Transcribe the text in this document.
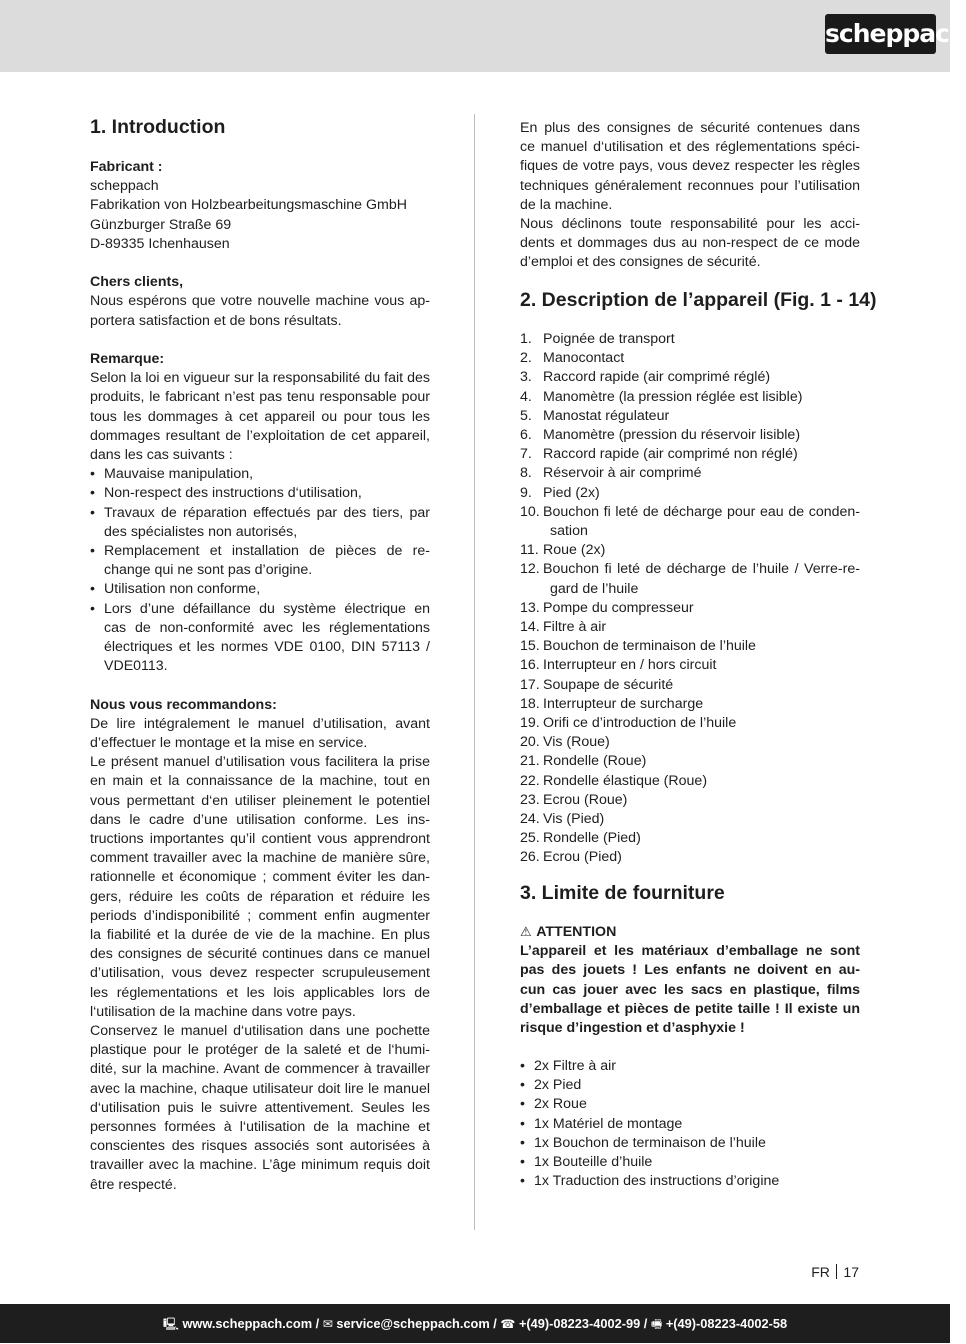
scheppach
1. Introduction
Fabricant :
scheppach
Fabrikation von Holzbearbeitungsmaschine GmbH
Günzburger Straße 69
D-89335 Ichenhausen
Chers clients,
Nous espérons que votre nouvelle machine vous ap-
portera satisfaction et de bons résultats.
Remarque:
Selon la loi en vigueur sur la responsabilité du fait des
produits, le fabricant n’est pas tenu responsable pour
tous les dommages à cet appareil ou pour tous les
dommages resultant de l’exploitation de cet appareil,
dans les cas suivants :
• Mauvaise manipulation,
• Non-respect des instructions d‘utilisation,
• Travaux de réparation effectués par des tiers, par
des spécialistes non autorisés,
• Remplacement et installation de pièces de re-
change qui ne sont pas d’origine.
• Utilisation non conforme,
• Lors d’une défaillance du système électrique en
cas de non-conformité avec les réglementations
électriques et les normes VDE 0100, DIN 57113 /
VDE0113.
Nous vous recommandons:
De lire intégralement le manuel d’utilisation, avant
d’effectuer le montage et la mise en service.
Le présent manuel d’utilisation vous facilitera la prise
en main et la connaissance de la machine, tout en
vous permettant d‘en utiliser pleinement le potentiel
dans le cadre d’une utilisation conforme. Les ins-
tructions importantes qu’il contient vous apprendront
comment travailler avec la machine de manière sûre,
rationnelle et économique ; comment éviter les dan-
gers, réduire les coûts de réparation et réduire les
periods d’indisponibilité ; comment enfin augmenter
la fiabilité et la durée de vie de la machine. En plus
des consignes de sécurité continues dans ce manuel
d’utilisation, vous devez respecter scrupuleusement
les réglementations et les lois applicables lors de
l‘utilisation de la machine dans votre pays.
Conservez le manuel d‘utilisation dans une pochette
plastique pour le protéger de la saleté et de l‘humi-
dité, sur la machine. Avant de commencer à travailler
avec la machine, chaque utilisateur doit lire le manuel
d‘utilisation puis le suivre attentivement. Seules les
personnes formées à l‘utilisation de la machine et
conscientes des risques associés sont autorisées à
travailler avec la machine. L’âge minimum requis doit
être respecté.
En plus des consignes de sécurité contenues dans
ce manuel d‘utilisation et des réglementations spéci-
fiques de votre pays, vous devez respecter les règles
techniques généralement reconnues pour l’utilisation
de la machine.
Nous déclinons toute responsabilité pour les acci-
dents et dommages dus au non-respect de ce mode
d’emploi et des consignes de sécurité.
2. Description de l’appareil (Fig. 1 - 14)
1. Poignée de transport
2. Manocontact
3. Raccord rapide (air comprimé réglé)
4. Manomètre (la pression réglée est lisible)
5. Manostat régulateur
6. Manomètre (pression du réservoir lisible)
7. Raccord rapide (air comprimé non réglé)
8. Réservoir à air comprimé
9. Pied (2x)
10. Bouchon fi leté de décharge pour eau de conden-
sation
11. Roue (2x)
12. Bouchon fi leté de décharge de l’huile / Verre-re-
gard de l’huile
13. Pompe du compresseur
14. Filtre à air
15. Bouchon de terminaison de l’huile
16. Interrupteur en / hors circuit
17. Soupape de sécurité
18. Interrupteur de surcharge
19. Orifi ce d’introduction de l’huile
20. Vis (Roue)
21. Rondelle (Roue)
22. Rondelle élastique (Roue)
23. Ecrou (Roue)
24. Vis (Pied)
25. Rondelle (Pied)
26. Ecrou (Pied)
3. Limite de fourniture
⚠ ATTENTION
L’appareil et les matériaux d’emballage ne sont
pas des jouets ! Les enfants ne doivent en au-
cun cas jouer avec les sacs en plastique, films
d’emballage et pièces de petite taille ! Il existe un
risque d’ingestion et d’asphyxie !
• 2x Filtre à air
• 2x Pied
• 2x Roue
• 1x Matériel de montage
• 1x Bouchon de terminaison de l’huile
• 1x Bouteille d’huile
• 1x Traduction des instructions d’origine
FR 17
🖳 www.scheppach.com / ✉ service@scheppach.com / ☎ +(49)-08223-4002-99 / 🖷 +(49)-08223-4002-58
